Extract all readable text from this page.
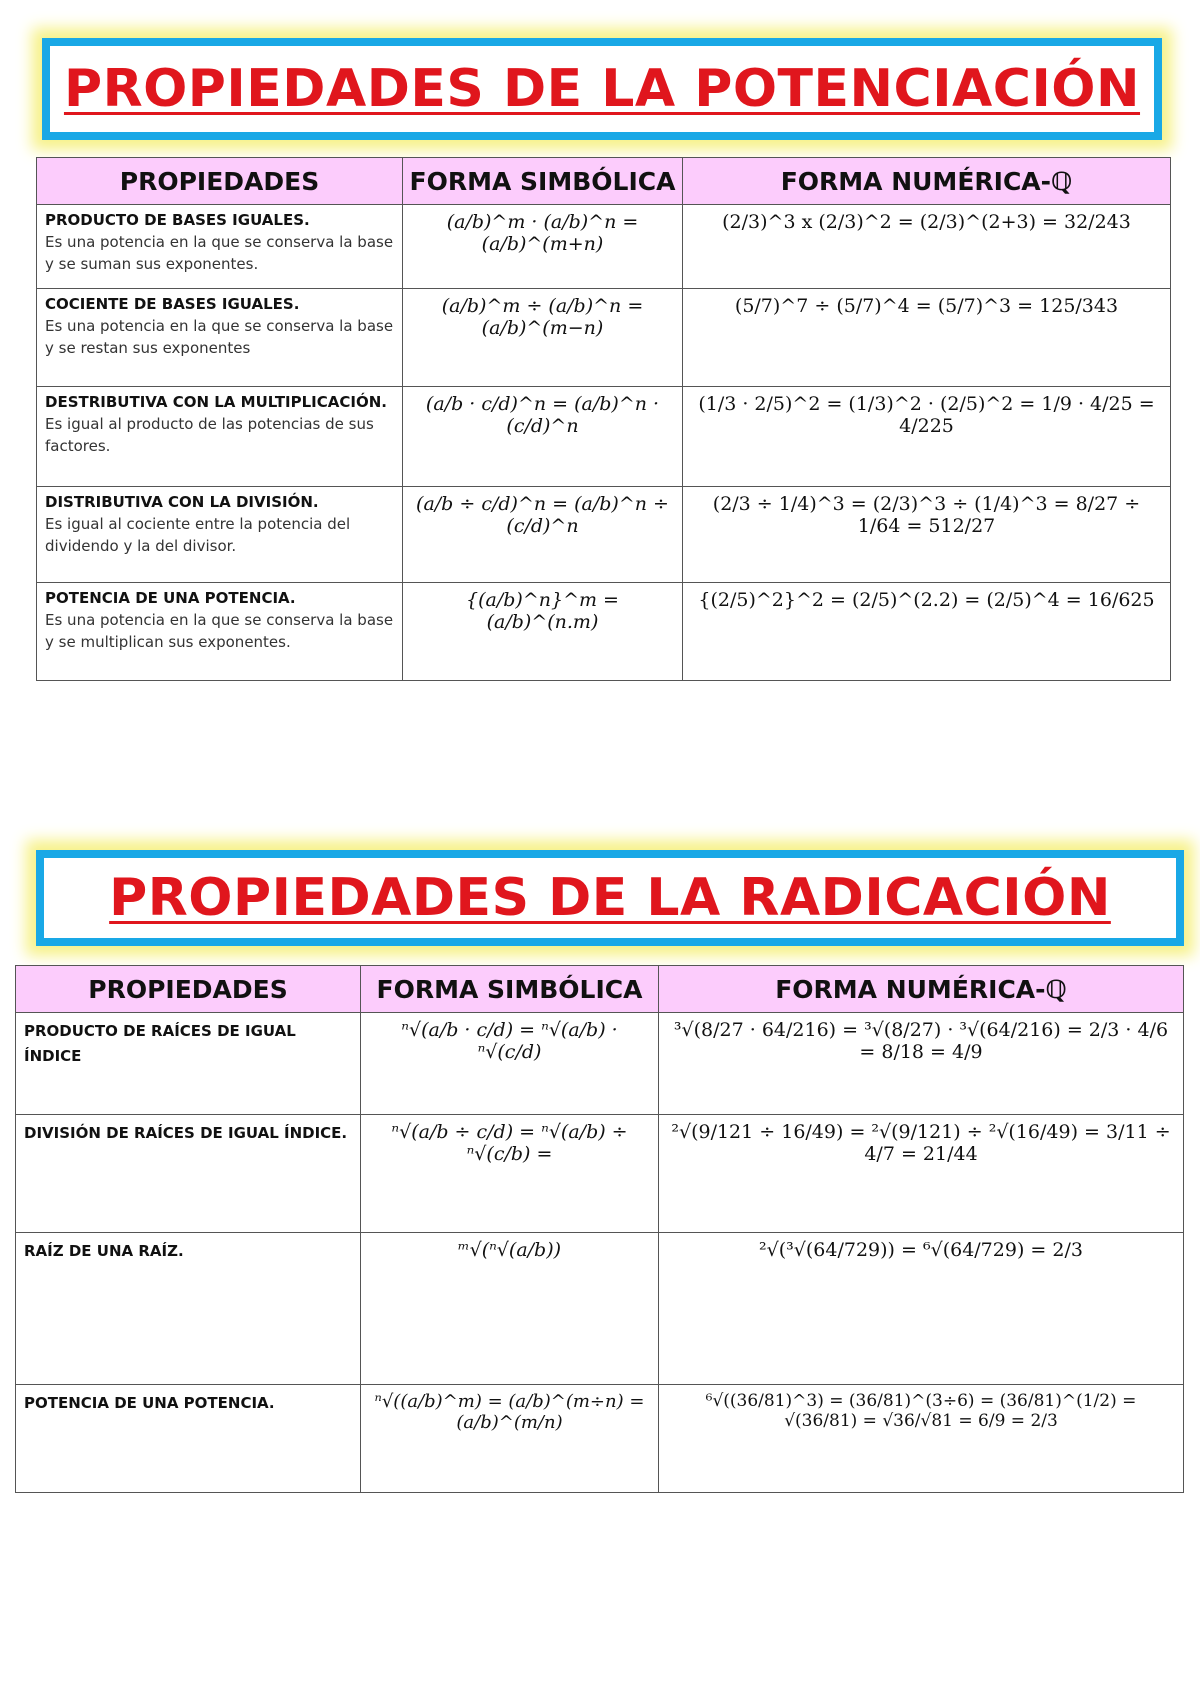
PROPIEDADES DE LA POTENCIACIÓN
PROPIEDADES	FORMA SIMBÓLICA	FORMA NUMÉRICA-ℚ

PRODUCTO DE BASES IGUALES.
Es una potencia en la que se conserva la base y se suman sus exponentes.	(a/b)^m · (a/b)^n = (a/b)^(m+n)	(2/3)^3 x (2/3)^2 = (2/3)^(2+3) = 32/243

COCIENTE DE BASES IGUALES.
Es una potencia en la que se conserva la base y se restan sus exponentes	(a/b)^m ÷ (a/b)^n = (a/b)^(m−n)	(5/7)^7 ÷ (5/7)^4 = (5/7)^3 = 125/343

DESTRIBUTIVA CON LA MULTIPLICACIÓN.
Es igual al producto de las potencias de sus factores.	(a/b · c/d)^n = (a/b)^n · (c/d)^n	(1/3 · 2/5)^2 = (1/3)^2 · (2/5)^2 = 1/9 · 4/25 = 4/225

DISTRIBUTIVA CON LA DIVISIÓN.
Es igual al cociente entre la potencia del dividendo y la del divisor.	(a/b ÷ c/d)^n = (a/b)^n ÷ (c/d)^n	(2/3 ÷ 1/4)^3 = (2/3)^3 ÷ (1/4)^3 = 8/27 ÷ 1/64 = 512/27

POTENCIA DE UNA POTENCIA.
Es una potencia en la que se conserva la base y se multiplican sus exponentes.	{(a/b)^n}^m = (a/b)^(n.m)	{(2/5)^2}^2 = (2/5)^(2.2) = (2/5)^4 = 16/625
PROPIEDADES DE LA RADICACIÓN
PROPIEDADES	FORMA SIMBÓLICA	FORMA NUMÉRICA-ℚ

PRODUCTO DE RAÍCES DE IGUAL ÍNDICE	ⁿ√(a/b · c/d) = ⁿ√(a/b) · ⁿ√(c/d)	³√(8/27 · 64/216) = ³√(8/27) · ³√(64/216) = 2/3 · 4/6 = 8/18 = 4/9

DIVISIÓN DE RAÍCES DE IGUAL ÍNDICE.	ⁿ√(a/b ÷ c/d) = ⁿ√(a/b) ÷ ⁿ√(c/b) =	²√(9/121 ÷ 16/49) = ²√(9/121) ÷ ²√(16/49) = 3/11 ÷ 4/7 = 21/44

RAÍZ DE UNA RAÍZ.	ᵐ√(ⁿ√(a/b))	²√(³√(64/729)) = ⁶√(64/729) = 2/3

POTENCIA DE UNA POTENCIA.	ⁿ√((a/b)^m) = (a/b)^(m÷n) = (a/b)^(m/n)	⁶√((36/81)^3) = (36/81)^(3÷6) = (36/81)^(1/2) = √(36/81) = √36/√81 = 6/9 = 2/3
